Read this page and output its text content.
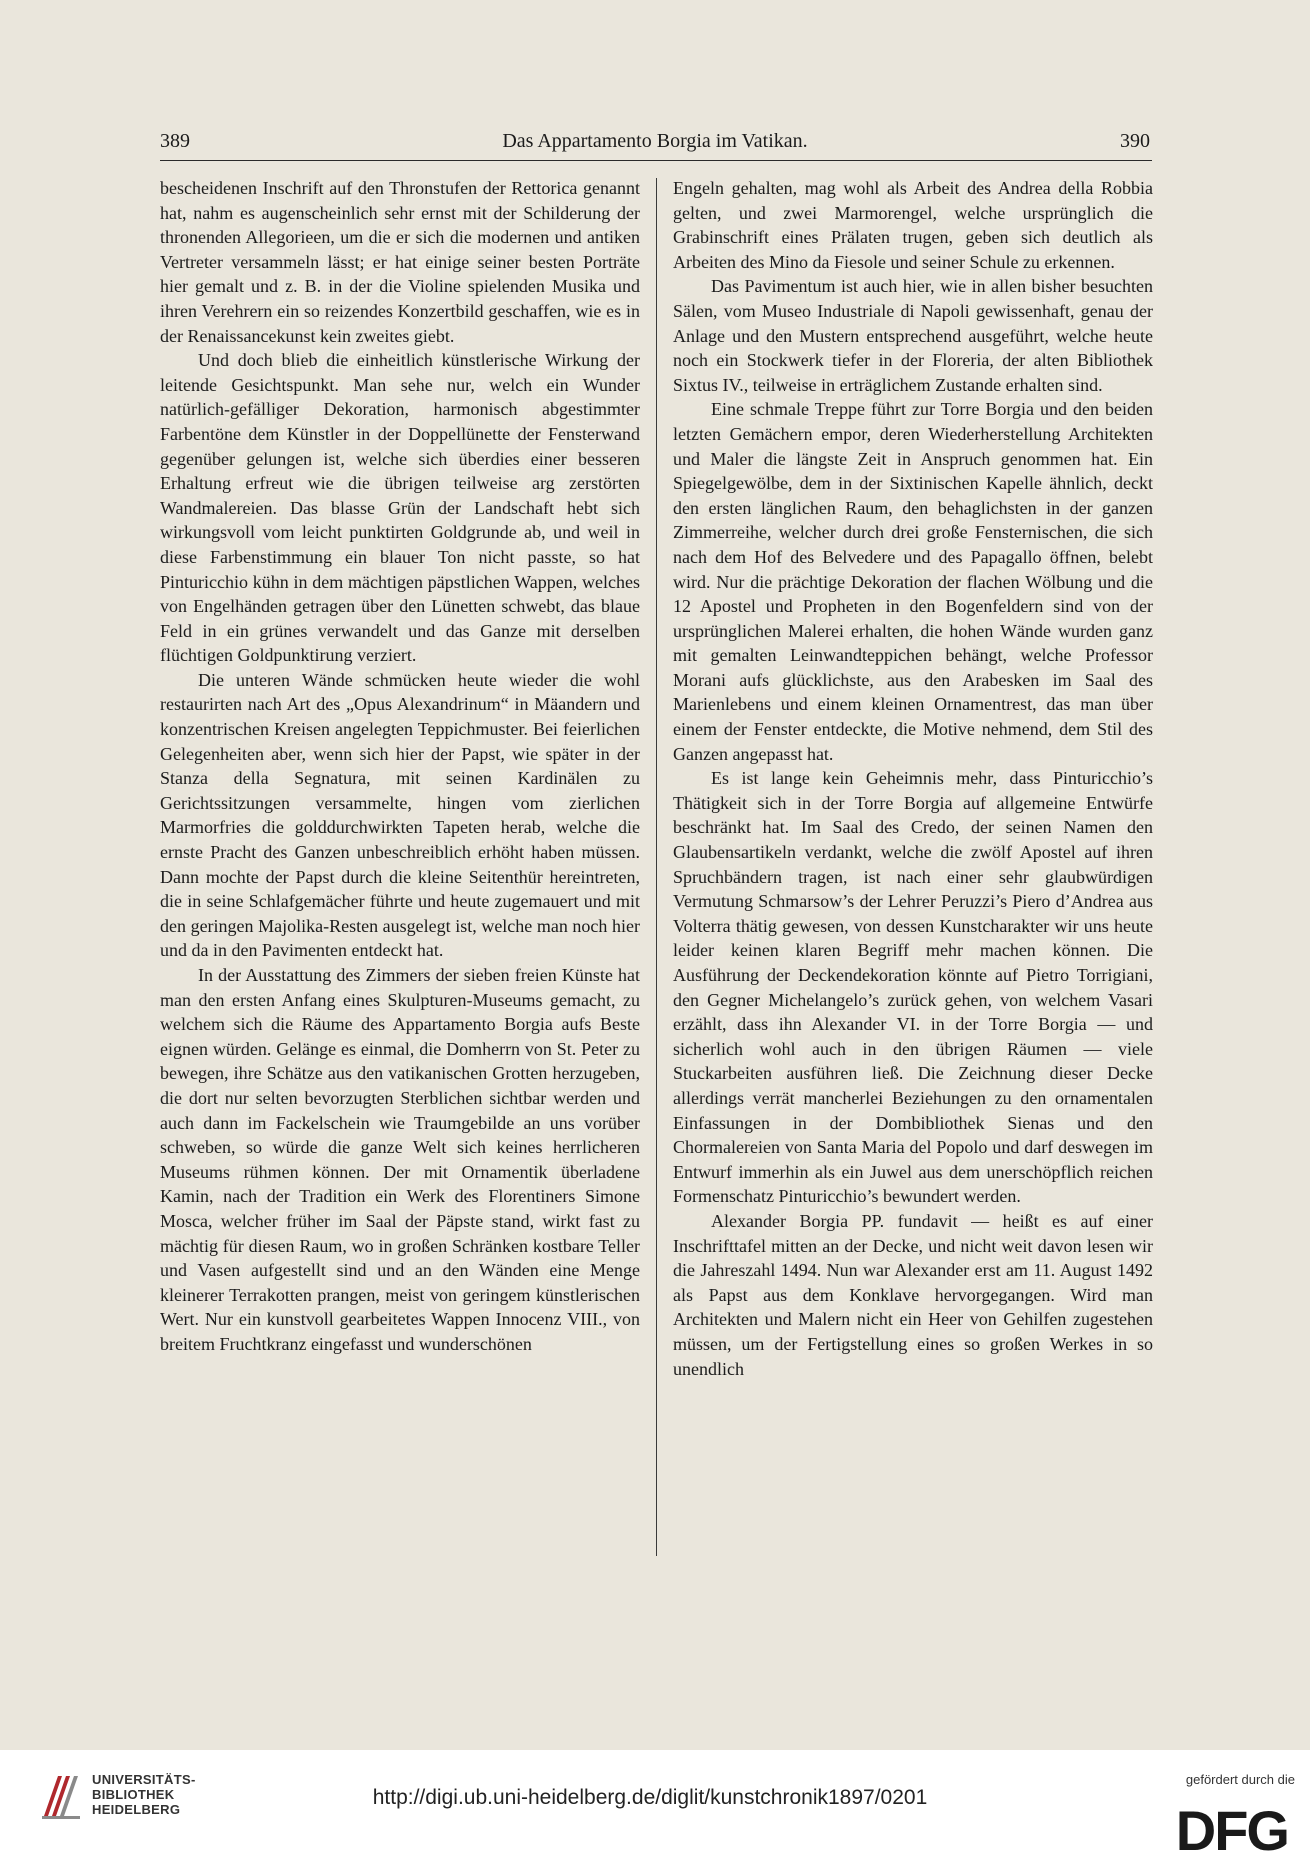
389	Das Appartamento Borgia im Vatikan.	390

bescheidenen Inschrift auf den Thronstufen der Rettorica genannt hat, nahm es augenscheinlich sehr ernst mit der Schilderung der thronenden Allegorieen, um die er sich die modernen und antiken Vertreter versammeln lässt; er hat einige seiner besten Porträte hier gemalt und z. B. in der die Violine spielenden Musika und ihren Verehrern ein so reizendes Konzertbild geschaffen, wie es in der Renaissancekunst kein zweites giebt.

Und doch blieb die einheitlich künstlerische Wirkung der leitende Gesichtspunkt. Man sehe nur, welch ein Wunder natürlich-gefälliger Dekoration, harmonisch abgestimmter Farbentöne dem Künstler in der Doppellünette der Fensterwand gegenüber gelungen ist, welche sich überdies einer besseren Erhaltung erfreut wie die übrigen teilweise arg zerstörten Wandmalereien. Das blasse Grün der Landschaft hebt sich wirkungsvoll vom leicht punktirten Goldgrunde ab, und weil in diese Farbenstimmung ein blauer Ton nicht passte, so hat Pinturicchio kühn in dem mächtigen päpstlichen Wappen, welches von Engelhänden getragen über den Lünetten schwebt, das blaue Feld in ein grünes verwandelt und das Ganze mit derselben flüchtigen Goldpunktirung verziert.

Die unteren Wände schmücken heute wieder die wohl restaurirten nach Art des „Opus Alexandrinum“ in Mäandern und konzentrischen Kreisen angelegten Teppichmuster. Bei feierlichen Gelegenheiten aber, wenn sich hier der Papst, wie später in der Stanza della Segnatura, mit seinen Kardinälen zu Gerichtssitzungen versammelte, hingen vom zierlichen Marmorfries die golddurchwirkten Tapeten herab, welche die ernste Pracht des Ganzen unbeschreiblich erhöht haben müssen. Dann mochte der Papst durch die kleine Seitenthür hereintreten, die in seine Schlafgemächer führte und heute zugemauert und mit den geringen Majolika-Resten ausgelegt ist, welche man noch hier und da in den Pavimenten entdeckt hat.

In der Ausstattung des Zimmers der sieben freien Künste hat man den ersten Anfang eines Skulpturen-Museums gemacht, zu welchem sich die Räume des Appartamento Borgia aufs Beste eignen würden. Gelänge es einmal, die Domherrn von St. Peter zu bewegen, ihre Schätze aus den vatikanischen Grotten herzugeben, die dort nur selten bevorzugten Sterblichen sichtbar werden und auch dann im Fackelschein wie Traumgebilde an uns vorüber schweben, so würde die ganze Welt sich keines herrlicheren Museums rühmen können. Der mit Ornamentik überladene Kamin, nach der Tradition ein Werk des Florentiners Simone Mosca, welcher früher im Saal der Päpste stand, wirkt fast zu mächtig für diesen Raum, wo in großen Schränken kostbare Teller und Vasen aufgestellt sind und an den Wänden eine Menge kleinerer Terrakotten prangen, meist von geringem künstlerischen Wert. Nur ein kunstvoll gearbeitetes Wappen Innocenz VIII., von breitem Fruchtkranz eingefasst und wunderschönen

Engeln gehalten, mag wohl als Arbeit des Andrea della Robbia gelten, und zwei Marmorengel, welche ursprünglich die Grabinschrift eines Prälaten trugen, geben sich deutlich als Arbeiten des Mino da Fiesole und seiner Schule zu erkennen.

Das Pavimentum ist auch hier, wie in allen bisher besuchten Sälen, vom Museo Industriale di Napoli gewissenhaft, genau der Anlage und den Mustern entsprechend ausgeführt, welche heute noch ein Stockwerk tiefer in der Floreria, der alten Bibliothek Sixtus IV., teilweise in erträglichem Zustande erhalten sind.

Eine schmale Treppe führt zur Torre Borgia und den beiden letzten Gemächern empor, deren Wiederherstellung Architekten und Maler die längste Zeit in Anspruch genommen hat. Ein Spiegelgewölbe, dem in der Sixtinischen Kapelle ähnlich, deckt den ersten länglichen Raum, den behaglichsten in der ganzen Zimmerreihe, welcher durch drei große Fensternischen, die sich nach dem Hof des Belvedere und des Papagallo öffnen, belebt wird. Nur die prächtige Dekoration der flachen Wölbung und die 12 Apostel und Propheten in den Bogenfeldern sind von der ursprünglichen Malerei erhalten, die hohen Wände wurden ganz mit gemalten Leinwandteppichen behängt, welche Professor Morani aufs glücklichste, aus den Arabesken im Saal des Marienlebens und einem kleinen Ornamentrest, das man über einem der Fenster entdeckte, die Motive nehmend, dem Stil des Ganzen angepasst hat.

Es ist lange kein Geheimnis mehr, dass Pinturicchio’s Thätigkeit sich in der Torre Borgia auf allgemeine Entwürfe beschränkt hat. Im Saal des Credo, der seinen Namen den Glaubensartikeln verdankt, welche die zwölf Apostel auf ihren Spruchbändern tragen, ist nach einer sehr glaubwürdigen Vermutung Schmarsow’s der Lehrer Peruzzi’s Piero d’Andrea aus Volterra thätig gewesen, von dessen Kunstcharakter wir uns heute leider keinen klaren Begriff mehr machen können. Die Ausführung der Deckendekoration könnte auf Pietro Torrigiani, den Gegner Michelangelo’s zurück gehen, von welchem Vasari erzählt, dass ihn Alexander VI. in der Torre Borgia — und sicherlich wohl auch in den übrigen Räumen — viele Stuckarbeiten ausführen ließ. Die Zeichnung dieser Decke allerdings verrät mancherlei Beziehungen zu den ornamentalen Einfassungen in der Dombibliothek Sienas und den Chormalereien von Santa Maria del Popolo und darf deswegen im Entwurf immerhin als ein Juwel aus dem unerschöpflich reichen Formenschatz Pinturicchio’s bewundert werden.

Alexander Borgia PP. fundavit — heißt es auf einer Inschrifttafel mitten an der Decke, und nicht weit davon lesen wir die Jahreszahl 1494. Nun war Alexander erst am 11. August 1492 als Papst aus dem Konklave hervorgegangen. Wird man Architekten und Malern nicht ein Heer von Gehilfen zugestehen müssen, um der Fertigstellung eines so großen Werkes in so unendlich

UNIVERSITÄTS-
BIBLIOTHEK
HEIDELBERG
http://digi.ub.uni-heidelberg.de/diglit/kunstchronik1897/0201
gefördert durch die
DFG
